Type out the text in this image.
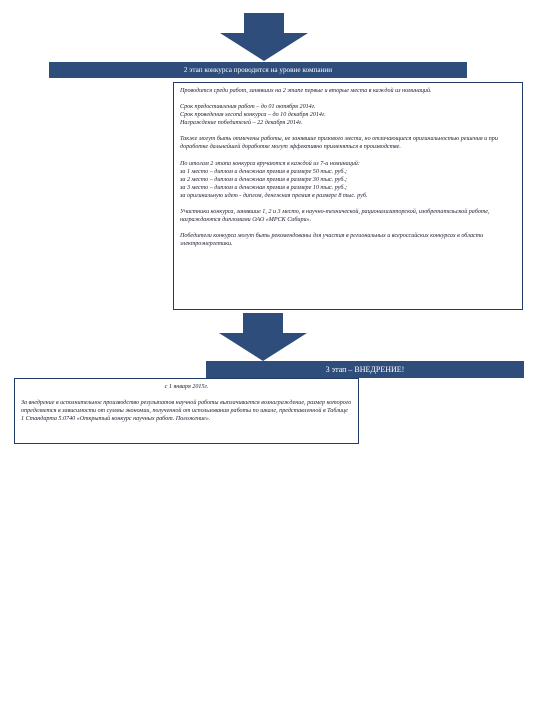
2 этап конкурса проводится на уровне компании

Проводится среди работ, занявших на 2 этапе первые и вторые места в каждой из номинаций.

Срок предоставления работ – до 01 октября 2014г.

Срок проведения second конкурса – до 10 декабря 2014г.

Награждение победителей – 22 декабря 2014г.

Также могут быть отмечены работы, не занявшие призового места, но отличающиеся оригинальностью решения и при доработке дальнейшей доработке могут эффективно применяться в производстве.

По итогам 2 этапа конкурса вручаются в каждой из 7-и номинаций:

за 1 место – диплом и денежная премия в размере 50 тыс. руб.;

за 2 место – диплом и денежная премия в размере 30 тыс. руб.;

за 3 место – диплом и денежная премия в размере 10 тыс. руб.;

за оригинальную идею - диплом, денежная премия в размере 8 тыс. руб.

Участники конкурса, занявшие 1, 2 и 3 место, в научно-технической, рационализаторской, изобретательской работе, награждаются дипломами ОАО «МРСК Сибири».

Победители конкурса могут быть рекомендованы для участия в региональных и всероссийских конкурсах в области электроэнергетики.

3 этап – ВНЕДРЕНИЕ!

с 1 января 2015г.

За внедрение в исполнительное производство результатов научной работы выплачивается вознаграждение, размер которого определяется в зависимости от суммы экономии, полученной от использования работы по шкале, представленной в Таблице 1 Стандарта 5.0740 «Открытый конкурс научных работ. Положение».
